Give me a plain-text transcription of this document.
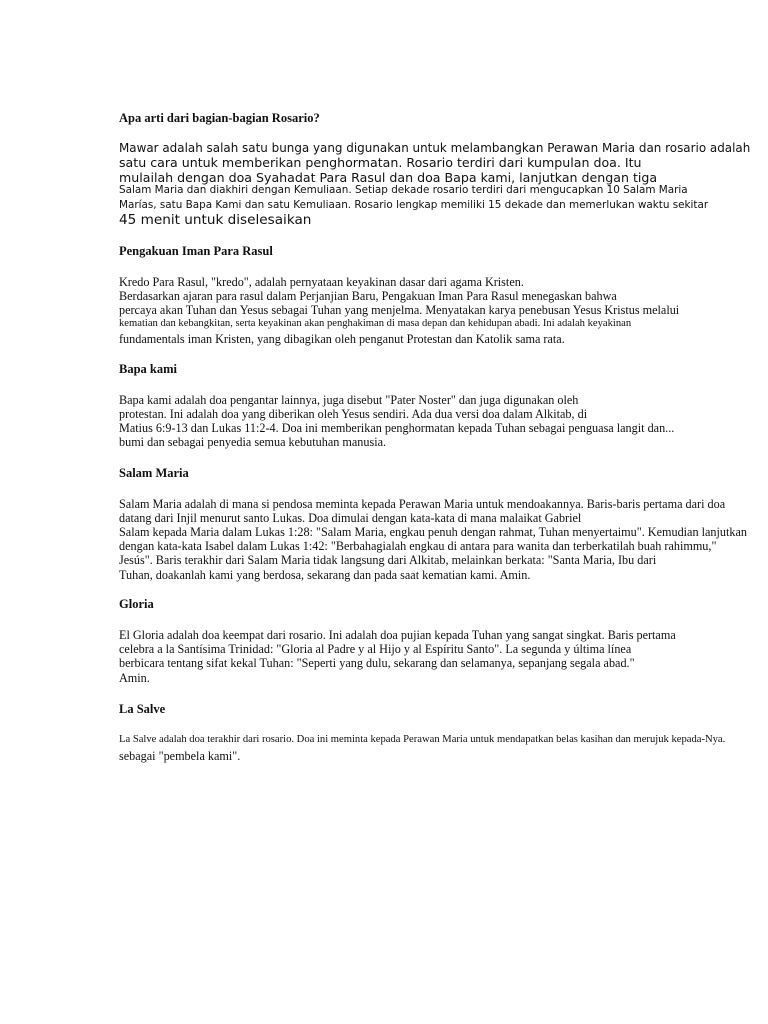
Apa arti dari bagian-bagian Rosario?

Mawar adalah salah satu bunga yang digunakan untuk melambangkan Perawan Maria dan rosario adalah

satu cara untuk memberikan penghormatan. Rosario terdiri dari kumpulan doa. Itu

mulailah dengan doa Syahadat Para Rasul dan doa Bapa kami, lanjutkan dengan tiga

Salam Maria dan diakhiri dengan Kemuliaan. Setiap dekade rosario terdiri dari mengucapkan 10 Salam Maria

Marías, satu Bapa Kami dan satu Kemuliaan. Rosario lengkap memiliki 15 dekade dan memerlukan waktu sekitar

45 menit untuk diselesaikan

Pengakuan Iman Para Rasul

Kredo Para Rasul, "kredo", adalah pernyataan keyakinan dasar dari agama Kristen.

Berdasarkan ajaran para rasul dalam Perjanjian Baru, Pengakuan Iman Para Rasul menegaskan bahwa

percaya akan Tuhan dan Yesus sebagai Tuhan yang menjelma. Menyatakan karya penebusan Yesus Kristus melalui

kematian dan kebangkitan, serta keyakinan akan penghakiman di masa depan dan kehidupan abadi. Ini adalah keyakinan

fundamentals iman Kristen, yang dibagikan oleh penganut Protestan dan Katolik sama rata.

Bapa kami

Bapa kami adalah doa pengantar lainnya, juga disebut "Pater Noster" dan juga digunakan oleh

protestan. Ini adalah doa yang diberikan oleh Yesus sendiri. Ada dua versi doa dalam Alkitab, di

Matius 6:9-13 dan Lukas 11:2-4. Doa ini memberikan penghormatan kepada Tuhan sebagai penguasa langit dan...

bumi dan sebagai penyedia semua kebutuhan manusia.

Salam Maria

Salam Maria adalah di mana si pendosa meminta kepada Perawan Maria untuk mendoakannya. Baris-baris pertama dari doa

datang dari Injil menurut santo Lukas. Doa dimulai dengan kata-kata di mana malaikat Gabriel

Salam kepada Maria dalam Lukas 1:28: "Salam Maria, engkau penuh dengan rahmat, Tuhan menyertaimu". Kemudian lanjutkan

dengan kata-kata Isabel dalam Lukas 1:42: "Berbahagialah engkau di antara para wanita dan terberkatilah buah rahimmu,"

Jesús". Baris terakhir dari Salam Maria tidak langsung dari Alkitab, melainkan berkata: "Santa Maria, Ibu dari

Tuhan, doakanlah kami yang berdosa, sekarang dan pada saat kematian kami. Amin.

Gloria

El Gloria adalah doa keempat dari rosario. Ini adalah doa pujian kepada Tuhan yang sangat singkat. Baris pertama

celebra a la Santísima Trinidad: "Gloria al Padre y al Hijo y al Espíritu Santo". La segunda y última línea

berbicara tentang sifat kekal Tuhan: "Seperti yang dulu, sekarang dan selamanya, sepanjang segala abad."

Amin.

La Salve

La Salve adalah doa terakhir dari rosario. Doa ini meminta kepada Perawan Maria untuk mendapatkan belas kasihan dan merujuk kepada-Nya.

sebagai "pembela kami".
